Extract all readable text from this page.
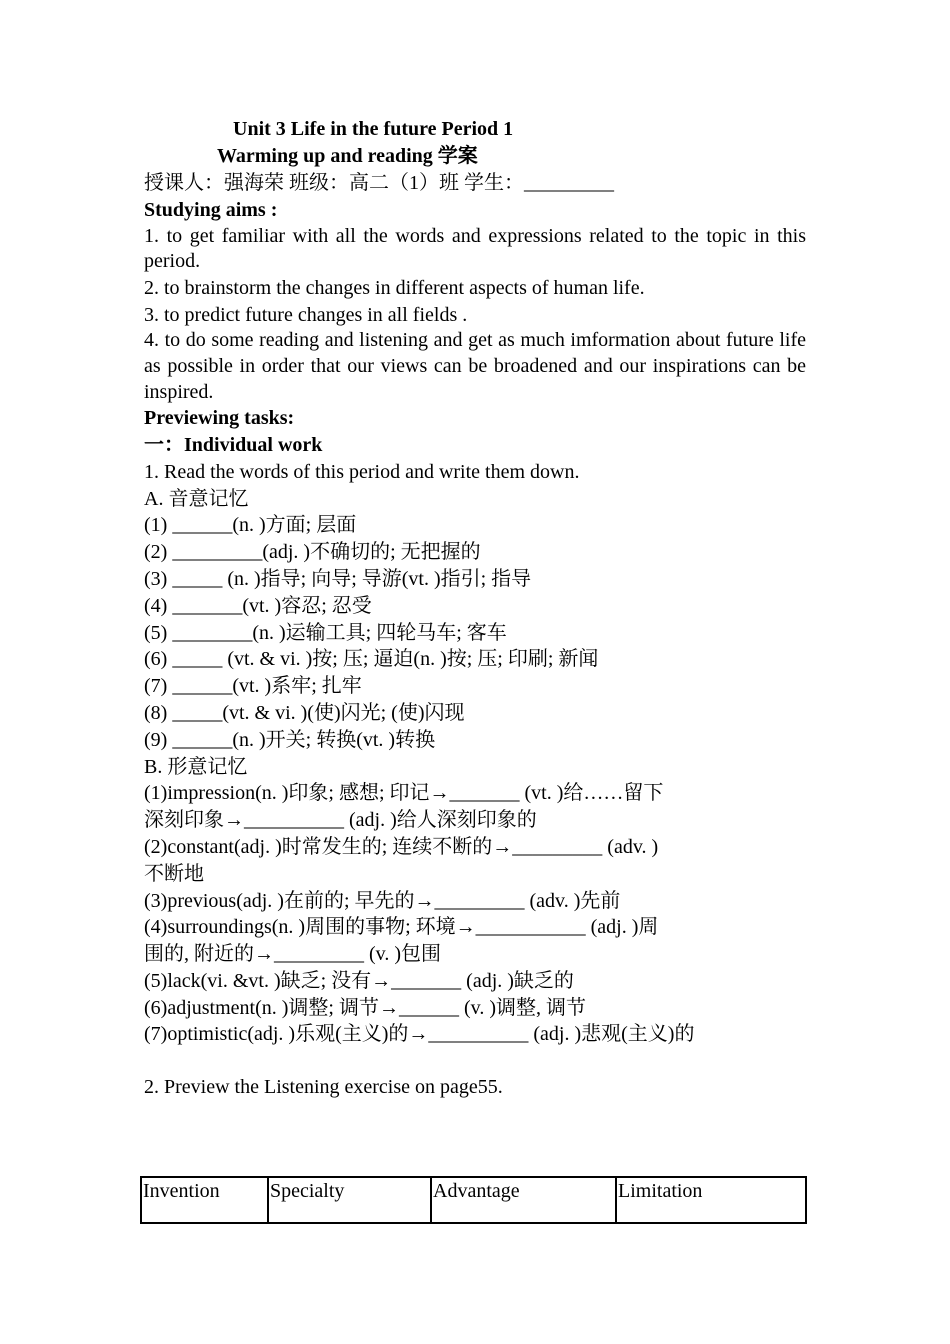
Unit 3 Life in the future Period 1
Warming up and reading 学案
授课人：强海荣 班级：高二（1）班 学生：_________
Studying aims :
1. to get familiar with all the words and expressions related to the topic in this period.
2. to brainstorm the changes in different aspects of human life.
3. to predict future changes in all fields .
4. to do some reading and listening and get as much imformation about future life as possible in order that our views can be broadened and our inspirations can be inspired.
Previewing tasks:
一：Individual work
1. Read the words of this period and write them down.
A. 音意记忆
(1) ______(n. )方面; 层面
(2) _________(adj. )不确切的; 无把握的
(3) _____ (n. )指导; 向导; 导游(vt. )指引; 指导
(4) _______(vt. )容忍; 忍受
(5) ________(n. )运输工具; 四轮马车; 客车
(6) _____ (vt. & vi. )按; 压; 逼迫(n. )按; 压; 印刷; 新闻
(7) ______(vt. )系牢; 扎牢
(8) _____(vt. & vi. )(使)闪光; (使)闪现
(9) ______(n. )开关; 转换(vt. )转换
B. 形意记忆
(1)impression(n. )印象; 感想; 印记→_______ (vt. )给……留下
深刻印象→__________ (adj. )给人深刻印象的
(2)constant(adj. )时常发生的; 连续不断的→_________ (adv. )
不断地
(3)previous(adj. )在前的; 早先的→_________ (adv. )先前
(4)surroundings(n. )周围的事物; 环境→___________ (adj. )周
围的, 附近的→_________ (v. )包围
(5)lack(vi. &vt. )缺乏; 没有→_______ (adj. )缺乏的
(6)adjustment(n. )调整; 调节→______ (v. )调整, 调节
(7)optimistic(adj. )乐观(主义)的→__________ (adj. )悲观(主义)的
2. Preview the Listening exercise on page55.
Invention	Specialty	Advantage	Limitation
